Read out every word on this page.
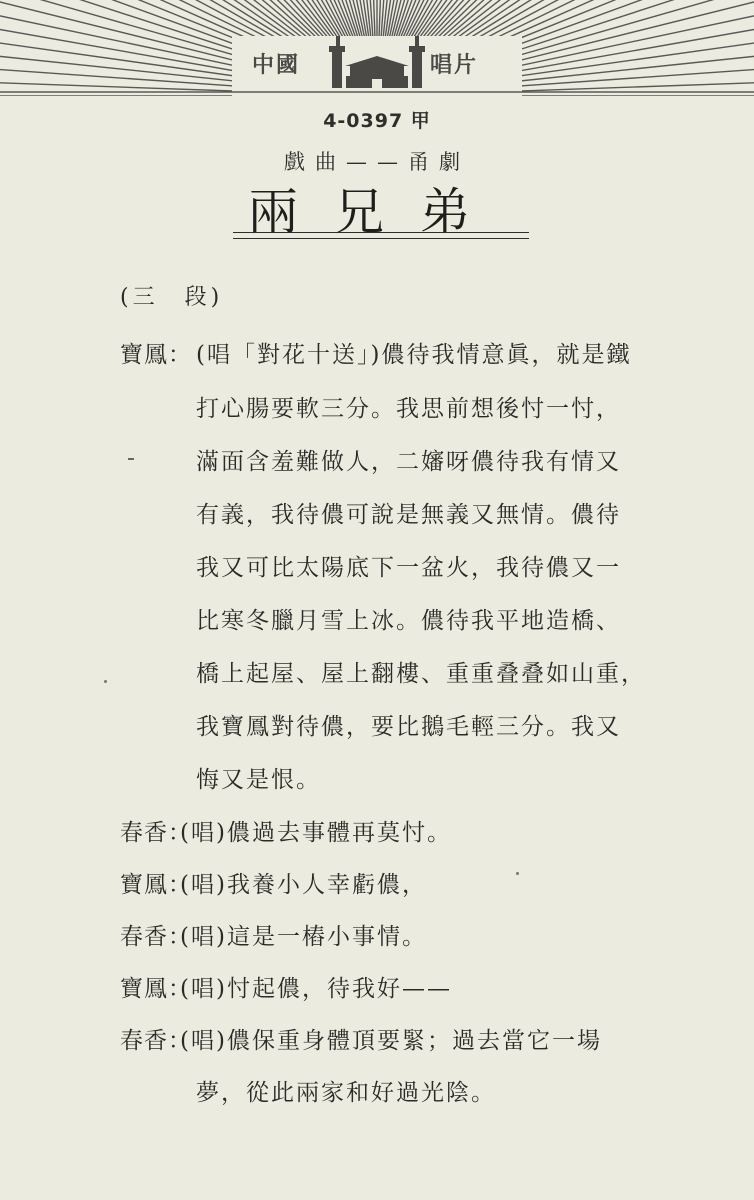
中國	唱片
4-0397 甲
戲曲——甬劇
兩兄弟
(三　段)
寶鳳： (唱「對花十送」)儂待我情意眞，就是鐵
打心腸要軟三分。我思前想後忖一忖，
滿面含羞難做人，二嬸呀儂待我有情又
有義，我待儂可說是無義又無情。儂待
我又可比太陽底下一盆火，我待儂又一
比寒冬臘月雪上冰。儂待我平地造橋、
橋上起屋、屋上翻樓、重重叠叠如山重，
我寶鳳對待儂，要比鵝毛輕三分。我又
悔又是恨。
春香：
(唱)儂過去事體再莫忖。
寶鳳：
(唱)我養小人幸虧儂，
春香：
(唱)這是一樁小事情。
寶鳳：
(唱)忖起儂，待我好——
春香：
(唱)儂保重身體頂要緊；過去當它一場
夢，從此兩家和好過光陰。
